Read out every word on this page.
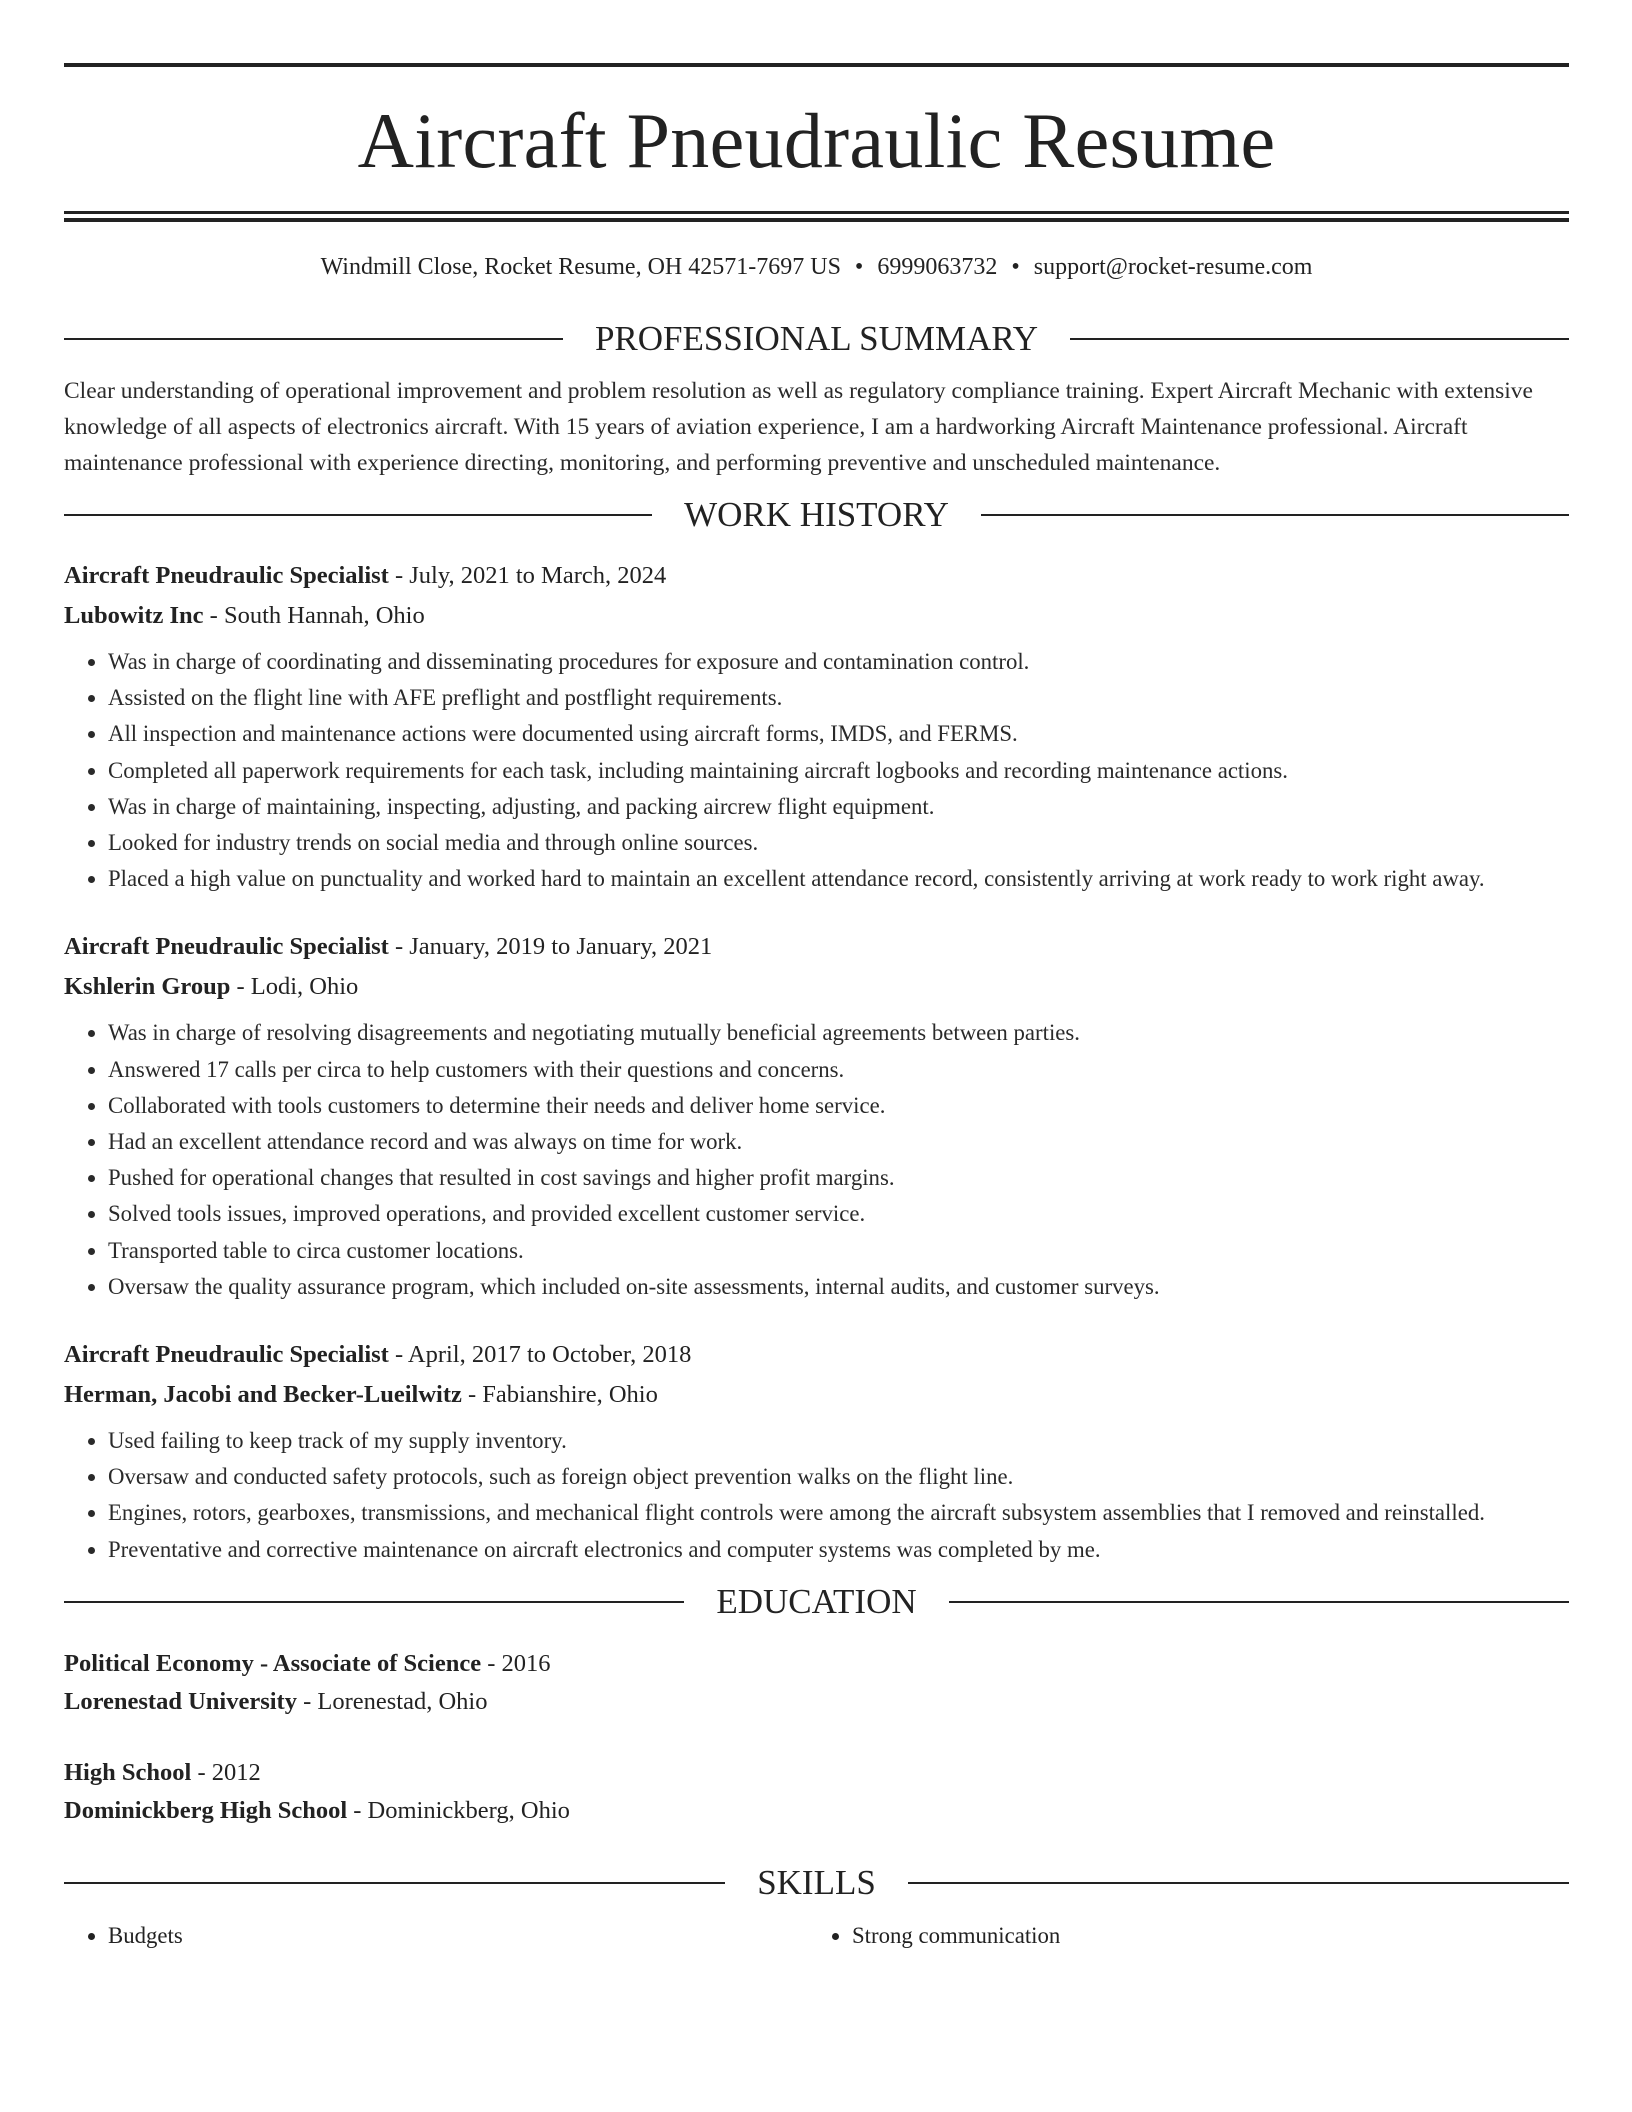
Aircraft Pneudraulic Resume
Windmill Close, Rocket Resume, OH 42571-7697 US • 6999063732 • support@rocket-resume.com
PROFESSIONAL SUMMARY

Clear understanding of operational improvement and problem resolution as well as regulatory compliance training. Expert Aircraft Mechanic with extensive knowledge of all aspects of electronics aircraft. With 15 years of aviation experience, I am a hardworking Aircraft Maintenance professional. Aircraft maintenance professional with experience directing, monitoring, and performing preventive and unscheduled maintenance.

WORK HISTORY
Aircraft Pneudraulic Specialist - July, 2021 to March, 2024
Lubowitz Inc - South Hannah, Ohio
• Was in charge of coordinating and disseminating procedures for exposure and contamination control.
• Assisted on the flight line with AFE preflight and postflight requirements.
• All inspection and maintenance actions were documented using aircraft forms, IMDS, and FERMS.
• Completed all paperwork requirements for each task, including maintaining aircraft logbooks and recording maintenance actions.
• Was in charge of maintaining, inspecting, adjusting, and packing aircrew flight equipment.
• Looked for industry trends on social media and through online sources.
• Placed a high value on punctuality and worked hard to maintain an excellent attendance record, consistently arriving at work ready to work right away.
Aircraft Pneudraulic Specialist - January, 2019 to January, 2021
Kshlerin Group - Lodi, Ohio
• Was in charge of resolving disagreements and negotiating mutually beneficial agreements between parties.
• Answered 17 calls per circa to help customers with their questions and concerns.
• Collaborated with tools customers to determine their needs and deliver home service.
• Had an excellent attendance record and was always on time for work.
• Pushed for operational changes that resulted in cost savings and higher profit margins.
• Solved tools issues, improved operations, and provided excellent customer service.
• Transported table to circa customer locations.
• Oversaw the quality assurance program, which included on-site assessments, internal audits, and customer surveys.
Aircraft Pneudraulic Specialist - April, 2017 to October, 2018
Herman, Jacobi and Becker-Lueilwitz - Fabianshire, Ohio
• Used failing to keep track of my supply inventory.
• Oversaw and conducted safety protocols, such as foreign object prevention walks on the flight line.
• Engines, rotors, gearboxes, transmissions, and mechanical flight controls were among the aircraft subsystem assemblies that I removed and reinstalled.
• Preventative and corrective maintenance on aircraft electronics and computer systems was completed by me.
EDUCATION
Political Economy - Associate of Science - 2016
Lorenestad University - Lorenestad, Ohio
High School - 2012
Dominickberg High School - Dominickberg, Ohio
SKILLS
• Budgets
•	Strong communication
